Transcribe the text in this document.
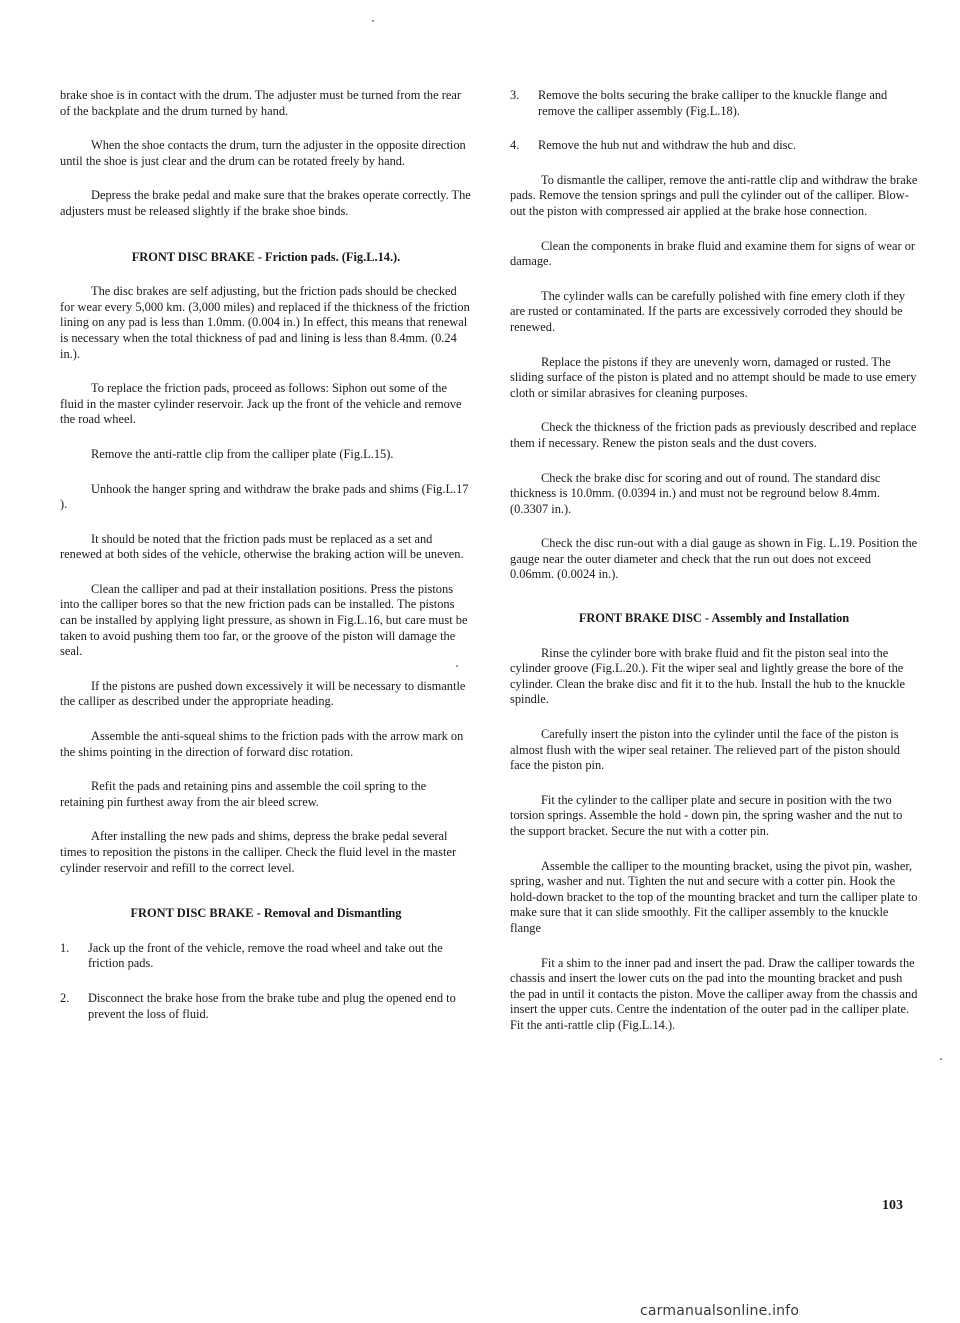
brake shoe is in contact with the drum. The adjuster must be turned from the rear of the backplate and the drum turned by hand.

When the shoe contacts the drum, turn the adjuster in the opposite direction until the shoe is just clear and the drum can be rotated freely by hand.

Depress the brake pedal and make sure that the brakes operate correctly. The adjusters must be released slightly if the brake shoe binds.

FRONT DISC BRAKE - Friction pads. (Fig.L.14.).

The disc brakes are self adjusting, but the friction pads should be checked for wear every 5,000 km. (3,000 miles) and replaced if the thickness of the friction lining on any pad is less than 1.0mm. (0.004 in.) In effect, this means that renewal is necessary when the total thickness of pad and lining is less than 8.4mm. (0.24 in.).

To replace the friction pads, proceed as follows: Siphon out some of the fluid in the master cylinder reservoir. Jack up the front of the vehicle and remove the road wheel.

Remove the anti-rattle clip from the calliper plate (Fig.L.15).

Unhook the hanger spring and withdraw the brake pads and shims (Fig.L.17 ).

It should be noted that the friction pads must be replaced as a set and renewed at both sides of the vehicle, otherwise the braking action will be uneven.

Clean the calliper and pad at their installation positions. Press the pistons into the calliper bores so that the new friction pads can be installed. The pistons can be installed by applying light pressure, as shown in Fig.L.16, but care must be taken to avoid pushing them too far, or the groove of the piston will damage the seal.

If the pistons are pushed down excessively it will be necessary to dismantle the calliper as described under the appropriate heading.

Assemble the anti-squeal shims to the friction pads with the arrow mark on the shims pointing in the direction of forward disc rotation.

Refit the pads and retaining pins and assemble the coil spring to the retaining pin furthest away from the air bleed screw.

After installing the new pads and shims, depress the brake pedal several times to reposition the pistons in the calliper. Check the fluid level in the master cylinder reservoir and refill to the correct level.

FRONT DISC BRAKE - Removal and Dismantling
1.	Jack up the front of the vehicle, remove the road wheel and take out the friction pads.
2.	Disconnect the brake hose from the brake tube and plug the opened end to prevent the loss of fluid.
3.	Remove the bolts securing the brake calliper to the knuckle flange and remove the calliper assembly (Fig.L.18).
4.	Remove the hub nut and withdraw the hub and disc.

To dismantle the calliper, remove the anti-rattle clip and withdraw the brake pads. Remove the tension springs and pull the cylinder out of the calliper. Blow-out the piston with compressed air applied at the brake hose connection.

Clean the components in brake fluid and examine them for signs of wear or damage.

The cylinder walls can be carefully polished with fine emery cloth if they are rusted or contaminated. If the parts are excessively corroded they should be renewed.

Replace the pistons if they are unevenly worn, damaged or rusted. The sliding surface of the piston is plated and no attempt should be made to use emery cloth or similar abrasives for cleaning purposes.

Check the thickness of the friction pads as previously described and replace them if necessary. Renew the piston seals and the dust covers.

Check the brake disc for scoring and out of round. The standard disc thickness is 10.0mm. (0.0394 in.) and must not be reground below 8.4mm. (0.3307 in.).

Check the disc run-out with a dial gauge as shown in Fig. L.19. Position the gauge near the outer diameter and check that the run out does not exceed 0.06mm. (0.0024 in.).

FRONT BRAKE DISC - Assembly and Installation

Rinse the cylinder bore with brake fluid and fit the piston seal into the cylinder groove (Fig.L.20.). Fit the wiper seal and lightly grease the bore of the cylinder. Clean the brake disc and fit it to the hub. Install the hub to the knuckle spindle.

Carefully insert the piston into the cylinder until the face of the piston is almost flush with the wiper seal retainer. The relieved part of the piston should face the piston pin.

Fit the cylinder to the calliper plate and secure in position with the two torsion springs. Assemble the hold - down pin, the spring washer and the nut to the support bracket. Secure the nut with a cotter pin.

Assemble the calliper to the mounting bracket, using the pivot pin, washer, spring, washer and nut. Tighten the nut and secure with a cotter pin. Hook the hold-down bracket to the top of the mounting bracket and turn the calliper plate to make sure that it can slide smoothly. Fit the calliper assembly to the knuckle flange

Fit a shim to the inner pad and insert the pad. Draw the calliper towards the chassis and insert the lower cuts on the pad into the mounting bracket and push the pad in until it contacts the piston. Move the calliper away from the chassis and insert the upper cuts. Centre the indentation of the outer pad in the calliper plate. Fit the anti-rattle clip (Fig.L.14.).

103
carmanualsonline.info
